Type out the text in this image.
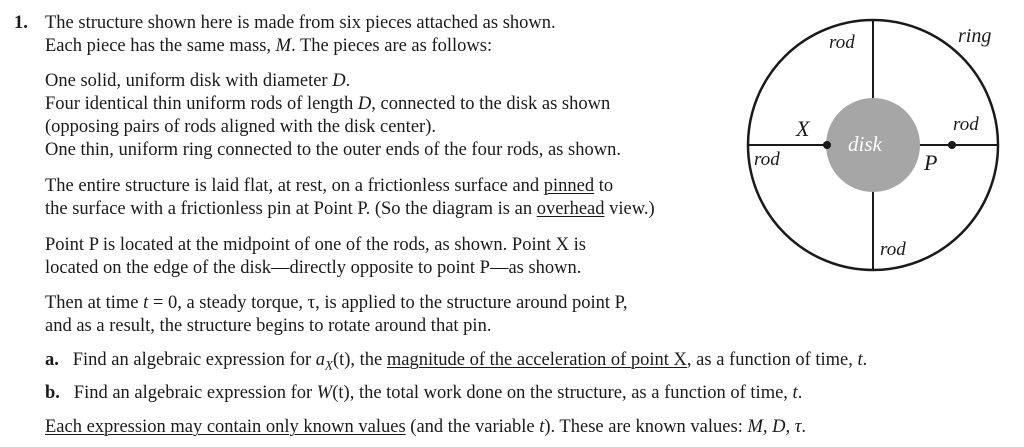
1. The structure shown here is made from six pieces attached as shown.
Each piece has the same mass, M. The pieces are as follows:
One solid, uniform disk with diameter D.
Four identical thin uniform rods of length D, connected to the disk as shown
(opposing pairs of rods aligned with the disk center).
One thin, uniform ring connected to the outer ends of the four rods, as shown.
The entire structure is laid flat, at rest, on a frictionless surface and pinned to
the surface with a frictionless pin at Point P. (So the diagram is an overhead view.)
Point P is located at the midpoint of one of the rods, as shown. Point X is
located on the edge of the disk—directly opposite to point P—as shown.
Then at time t = 0, a steady torque, τ, is applied to the structure around point P,
and as a result, the structure begins to rotate around that pin.
a. Find an algebraic expression for $a_X(t)$, the magnitude of the acceleration of point X, as a function of time, t.
b. Find an algebraic expression for W(t), the total work done on the structure, as a function of time, t.
Each expression may contain only known values (and the variable t). These are known values: M, D, τ.
rod	ring
rod
rod
rod
disk
X
P
